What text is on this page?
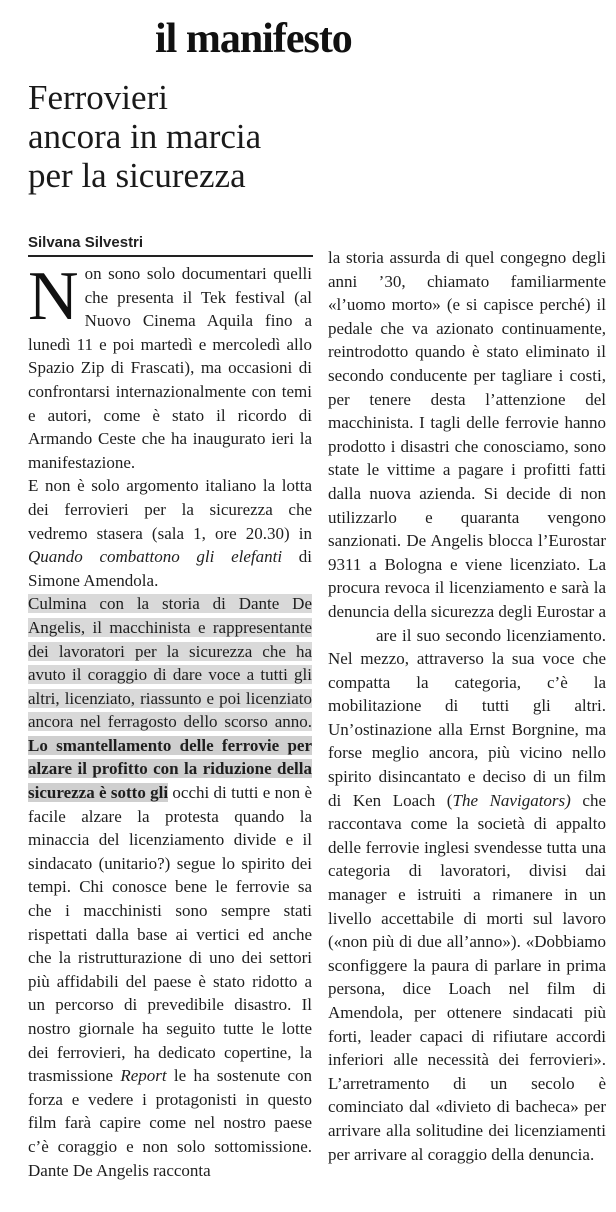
il manifesto
Ferrovieri
ancora in marcia
per la sicurezza
Silvana Silvestri
N on sono solo documentari quelli che presenta il Tek festival (al Nuovo Cinema Aquila fino a lunedì 11 e poi martedì e mercoledì allo Spazio Zip di Frascati), ma occasioni di confrontarsi internazionalmente con temi e autori, come è stato il ricordo di Armando Ceste che ha inaugurato ieri la manifestazione.
E non è solo argomento italiano la lotta dei ferrovieri per la sicurezza che vedremo stasera (sala 1, ore 20.30) in Quando combattono gli elefanti di Simone Amendola.
Culmina con la storia di Dante De Angelis, il macchinista e rappresentante dei lavoratori per la sicurezza che ha avuto il coraggio di dare voce a tutti gli altri, licenziato, riassunto e poi licenziato ancora nel ferragosto dello scorso anno. Lo smantellamento delle ferrovie per alzare il profitto con la riduzione della sicurezza è sotto gli occhi di tutti e non è facile alzare la protesta quando la minaccia del licenziamento divide e il sindacato (unitario?) segue lo spirito dei tempi. Chi conosce bene le ferrovie sa che i macchinisti sono sempre stati rispettati dalla base ai vertici ed anche che la ristrutturazione di uno dei settori più affidabili del paese è stato ridotto a un percorso di prevedibile disastro. Il nostro giornale ha seguito tutte le lotte dei ferrovieri, ha dedicato copertine, la trasmissione Report le ha sostenute con forza e vedere i protagonisti in questo film farà capire come nel nostro paese c’è coraggio e non solo sottomissione. Dante De Angelis racconta
la storia assurda di quel congegno degli anni ’30, chiamato familiarmente «l’uomo morto» (e si capisce perché) il pedale che va azionato continuamente, reintrodotto quando è stato eliminato il secondo conducente per tagliare i costi, per tenere desta l’attenzione del macchinista. I tagli delle ferrovie hanno prodotto i disastri che conosciamo, sono state le vittime a pagare i profitti fatti dalla nuova azienda. Si decide di non utilizzarlo e quaranta vengono sanzionati. De Angelis blocca l’Eurostar 9311 a Bologna e viene licenziato. La procura revoca il licenziamento e sarà la denuncia della sicurezza degli Eurostar a
are il suo secondo licenziamento. Nel mezzo, attraverso la sua voce che compatta la categoria, c’è la mobilitazione di tutti gli altri. Un’ostinazione alla Ernst Borgnine, ma forse meglio ancora, più vicino nello spirito disincantato e deciso di un film di Ken Loach (The Navigators) che raccontava come la società di appalto delle ferrovie inglesi svendesse tutta una categoria di lavoratori, divisi dai manager e istruiti a rimanere in un livello accettabile di morti sul lavoro («non più di due all’anno»). «Dobbiamo sconfiggere la paura di parlare in prima persona, dice Loach nel film di Amendola, per ottenere sindacati più forti, leader capaci di rifiutare accordi inferiori alle necessità dei ferrovieri». L’arretramento di un secolo è cominciato dal «divieto di bacheca» per arrivare alla solitudine dei licenziamenti per arrivare al coraggio della denuncia.
